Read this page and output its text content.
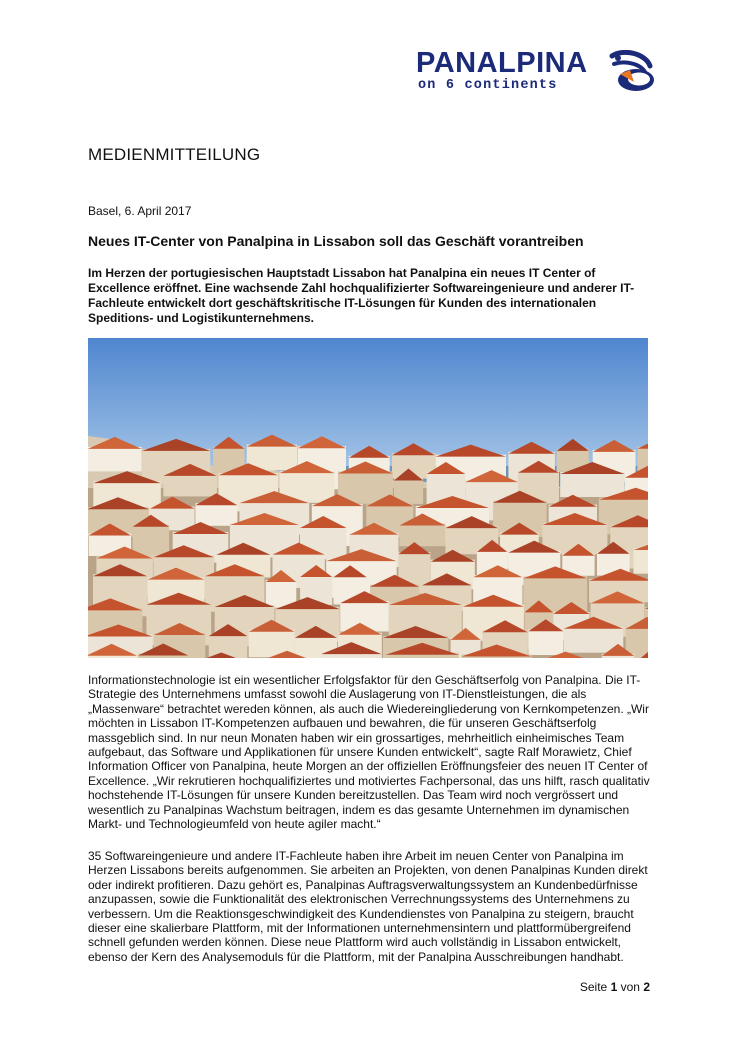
PANALPINA
on 6 continents
MEDIENMITTEILUNG
Basel, 6. April 2017
Neues IT-Center von Panalpina in Lissabon soll das Geschäft vorantreiben
Im Herzen der portugiesischen Hauptstadt Lissabon hat Panalpina ein neues IT Center of Excellence eröffnet. Eine wachsende Zahl hochqualifizierter Softwareingenieure und anderer IT-Fachleute entwickelt dort geschäftskritische IT-Lösungen für Kunden des internationalen Speditions- und Logistikunternehmens.

Informationstechnologie ist ein wesentlicher Erfolgsfaktor für den Geschäftserfolg von Panalpina. Die IT-Strategie des Unternehmens umfasst sowohl die Auslagerung von IT-Dienstleistungen, die als „Massenware“ betrachtet wereden können, als auch die Wiedereingliederung von Kernkompetenzen. „Wir möchten in Lissabon IT-Kompetenzen aufbauen und bewahren, die für unseren Geschäftserfolg massgeblich sind. In nur neun Monaten haben wir ein grossartiges, mehrheitlich einheimisches Team aufgebaut, das Software und Applikationen für unsere Kunden entwickelt“, sagte Ralf Morawietz, Chief Information Officer von Panalpina, heute Morgen an der offiziellen Eröffnungsfeier des neuen IT Center of Excellence. „Wir rekrutieren hochqualifiziertes und motiviertes Fachpersonal, das uns hilft, rasch qualitativ hochstehende IT-Lösungen für unsere Kunden bereitzustellen. Das Team wird noch vergrössert und wesentlich zu Panalpinas Wachstum beitragen, indem es das gesamte Unternehmen im dynamischen Markt- und Technologieumfeld von heute agiler macht.“

35 Softwareingenieure und andere IT-Fachleute haben ihre Arbeit im neuen Center von Panalpina im Herzen Lissabons bereits aufgenommen. Sie arbeiten an Projekten, von denen Panalpinas Kunden direkt oder indirekt profitieren. Dazu gehört es, Panalpinas Auftragsverwaltungssystem an Kundenbedürfnisse anzupassen, sowie die Funktionalität des elektronischen Verrechnungssystems des Unternehmens zu verbessern. Um die Reaktionsgeschwindigkeit des Kundendienstes von Panalpina zu steigern, braucht dieser eine skalierbare Plattform, mit der Informationen unternehmensintern und plattformübergreifend schnell gefunden werden können. Diese neue Plattform wird auch vollständig in Lissabon entwickelt, ebenso der Kern des Analysemoduls für die Plattform, mit der Panalpina Ausschreibungen handhabt.

Seite 1 von 2
